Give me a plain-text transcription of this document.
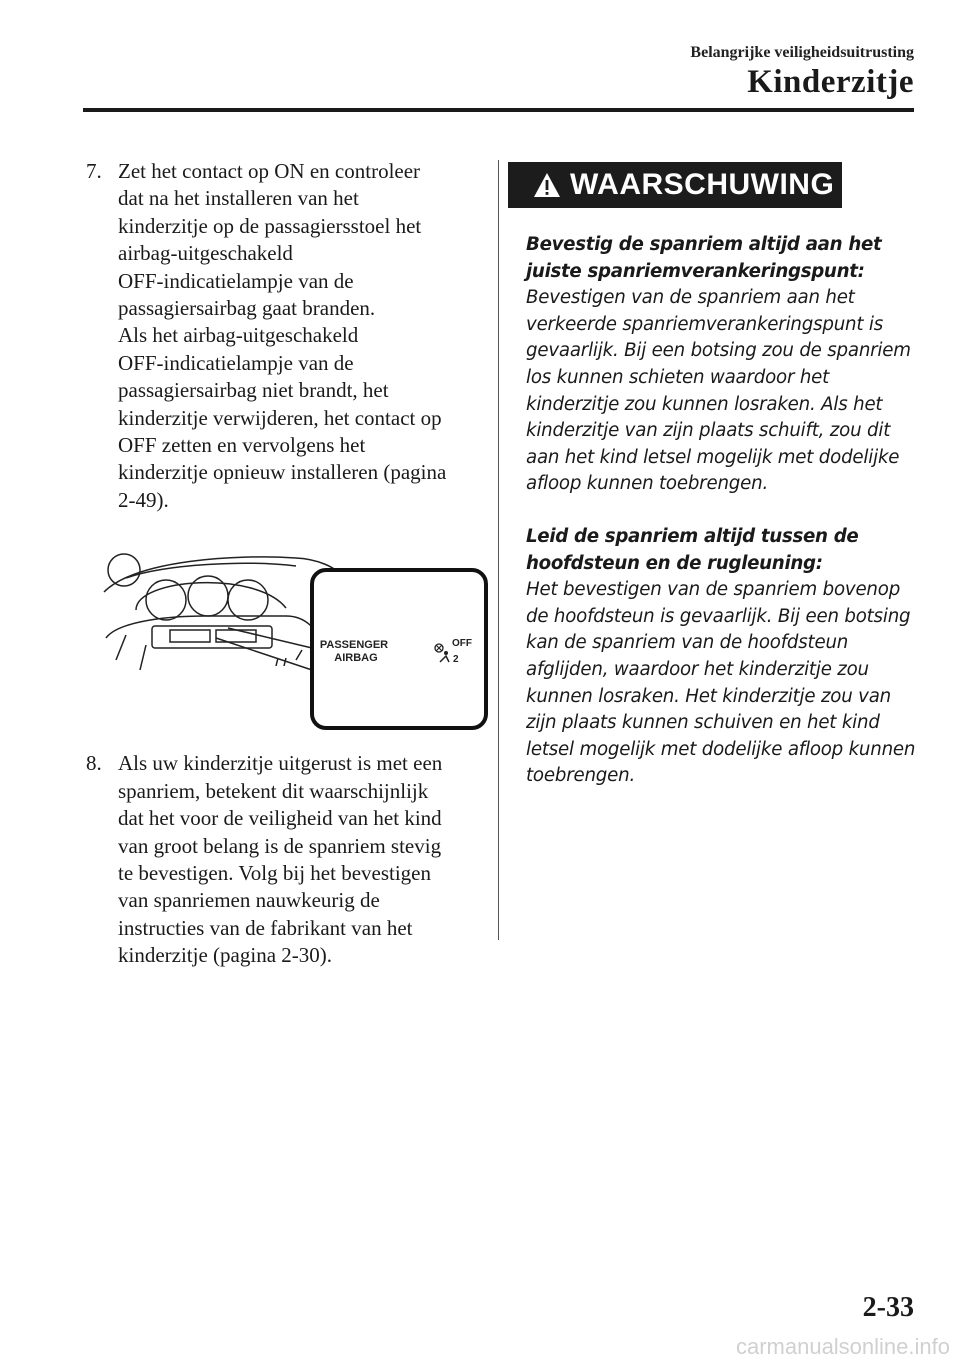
Belangrijke veiligheidsuitrusting
Kinderzitje
7. Zet het contact op ON en controleer
dat na het installeren van het
kinderzitje op de passagiersstoel het
airbag-uitgeschakeld
OFF-indicatielampje van de
passagiersairbag gaat branden.
Als het airbag-uitgeschakeld
OFF-indicatielampje van de
passagiersairbag niet brandt, het
kinderzitje verwijderen, het contact op
OFF zetten en vervolgens het
kinderzitje opnieuw installeren (pagina
2-49).
PASSENGER
AIRBAG
OFF
2
8. Als uw kinderzitje uitgerust is met een
spanriem, betekent dit waarschijnlijk
dat het voor de veiligheid van het kind
van groot belang is de spanriem stevig
te bevestigen. Volg bij het bevestigen
van spanriemen nauwkeurig de
instructies van de fabrikant van het
kinderzitje (pagina 2-30).
WAARSCHUWING
Bevestig de spanriem altijd aan het juiste spanriemverankeringspunt:
Bevestigen van de spanriem aan het verkeerde spanriemverankeringspunt is gevaarlijk. Bij een botsing zou de spanriem los kunnen schieten waardoor het kinderzitje zou kunnen losraken. Als het kinderzitje van zijn plaats schuift, zou dit aan het kind letsel mogelijk met dodelijke afloop kunnen toebrengen.
Leid de spanriem altijd tussen de hoofdsteun en de rugleuning:
Het bevestigen van de spanriem bovenop de hoofdsteun is gevaarlijk. Bij een botsing kan de spanriem van de hoofdsteun afglijden, waardoor het kinderzitje zou kunnen losraken. Het kinderzitje zou van zijn plaats kunnen schuiven en het kind letsel mogelijk met dodelijke afloop kunnen toebrengen.
2-33
carmanualsonline.info
